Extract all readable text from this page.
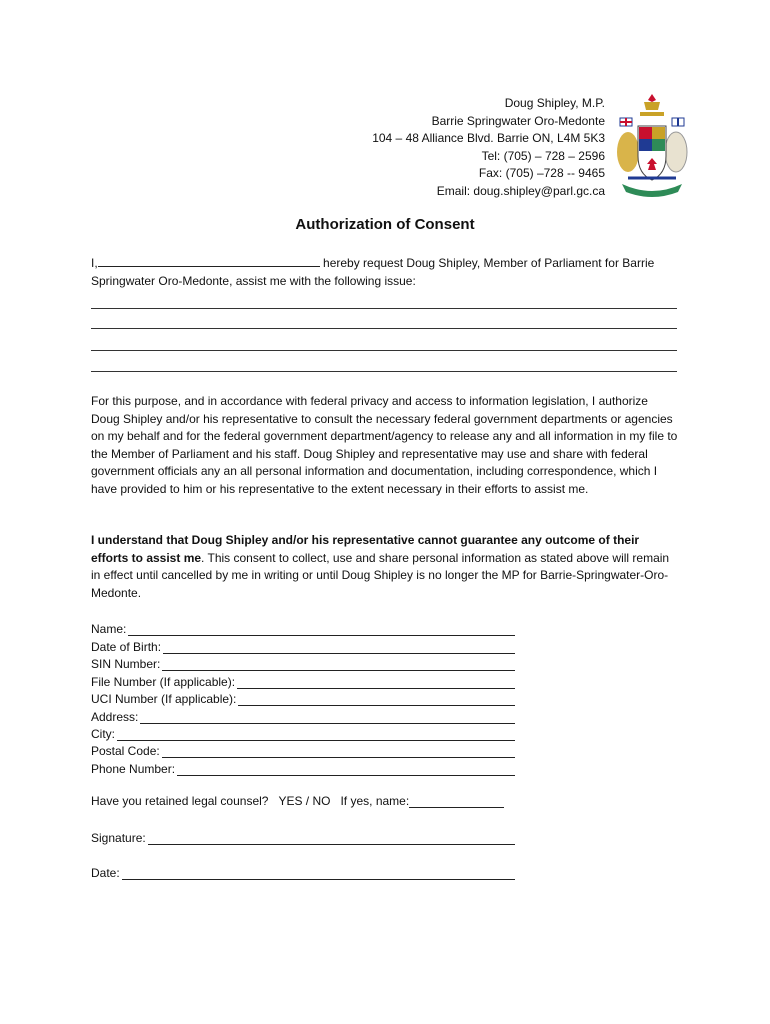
Doug Shipley, M.P.
Barrie Springwater Oro-Medonte
104 – 48 Alliance Blvd. Barrie ON, L4M 5K3
Tel: (705) – 728 – 2596
Fax: (705) –728 -- 9465
Email: doug.shipley@parl.gc.ca
Authorization of Consent
I,	hereby request Doug Shipley, Member of Parliament for Barrie Springwater Oro-Medonte, assist me with the following issue:
For this purpose, and in accordance with federal privacy and access to information legislation, I authorize Doug Shipley and/or his representative to consult the necessary federal government departments or agencies on my behalf and for the federal government department/agency to release any and all information in my file to the Member of Parliament and his staff. Doug Shipley and representative may use and share with federal government officials any an all personal information and documentation, including correspondence, which I have provided to him or his representative to the extent necessary in their efforts to assist me.
I understand that Doug Shipley and/or his representative cannot guarantee any outcome of their efforts to assist me. This consent to collect, use and share personal information as stated above will remain in effect until cancelled by me in writing or until Doug Shipley is no longer the MP for Barrie-Springwater-Oro-Medonte.
Name:
Date of Birth:
SIN Number:
File Number (If applicable):
UCI Number (If applicable):
Address:
City:
Postal Code:
Phone Number:
Have you retained legal counsel? YES / NO If yes, name:
Signature:
Date:
